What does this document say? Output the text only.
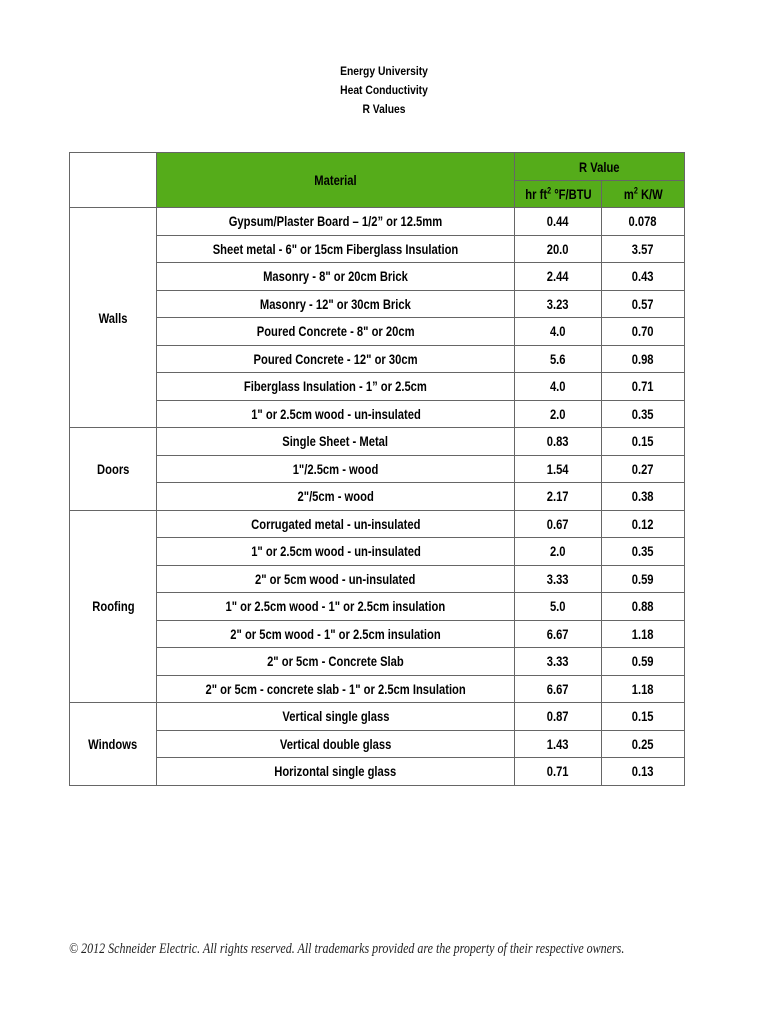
Energy University
Heat Conductivity
R Values
	Material	R Value	
		hr $ft^2$ °F/BTU	$m^2$ K/W
Walls	Gypsum/Plaster Board – 1/2” or 12.5mm	0.44	0.078
	Sheet metal - 6" or 15cm Fiberglass Insulation	20.0	3.57
	Masonry - 8" or 20cm Brick	2.44	0.43
	Masonry - 12" or 30cm Brick	3.23	0.57
	Poured Concrete - 8" or 20cm	4.0	0.70
	Poured Concrete - 12" or 30cm	5.6	0.98
	Fiberglass Insulation - 1” or 2.5cm	4.0	0.71
	1" or 2.5cm wood - un-insulated	2.0	0.35
Doors	Single Sheet - Metal	0.83	0.15
	1"/2.5cm - wood	1.54	0.27
	2"/5cm - wood	2.17	0.38
Roofing	Corrugated metal - un-insulated	0.67	0.12
	1" or 2.5cm wood - un-insulated	2.0	0.35
	2" or 5cm wood - un-insulated	3.33	0.59
	1" or 2.5cm wood - 1" or 2.5cm insulation	5.0	0.88
	2" or 5cm wood - 1" or 2.5cm insulation	6.67	1.18
	2" or 5cm - Concrete Slab	3.33	0.59
	2" or 5cm - concrete slab - 1" or 2.5cm Insulation	6.67	1.18
Windows	Vertical single glass	0.87	0.15
	Vertical double glass	1.43	0.25
	Horizontal single glass	0.71	0.13
© 2012 Schneider Electric. All rights reserved. All trademarks provided are the property of their respective owners.
